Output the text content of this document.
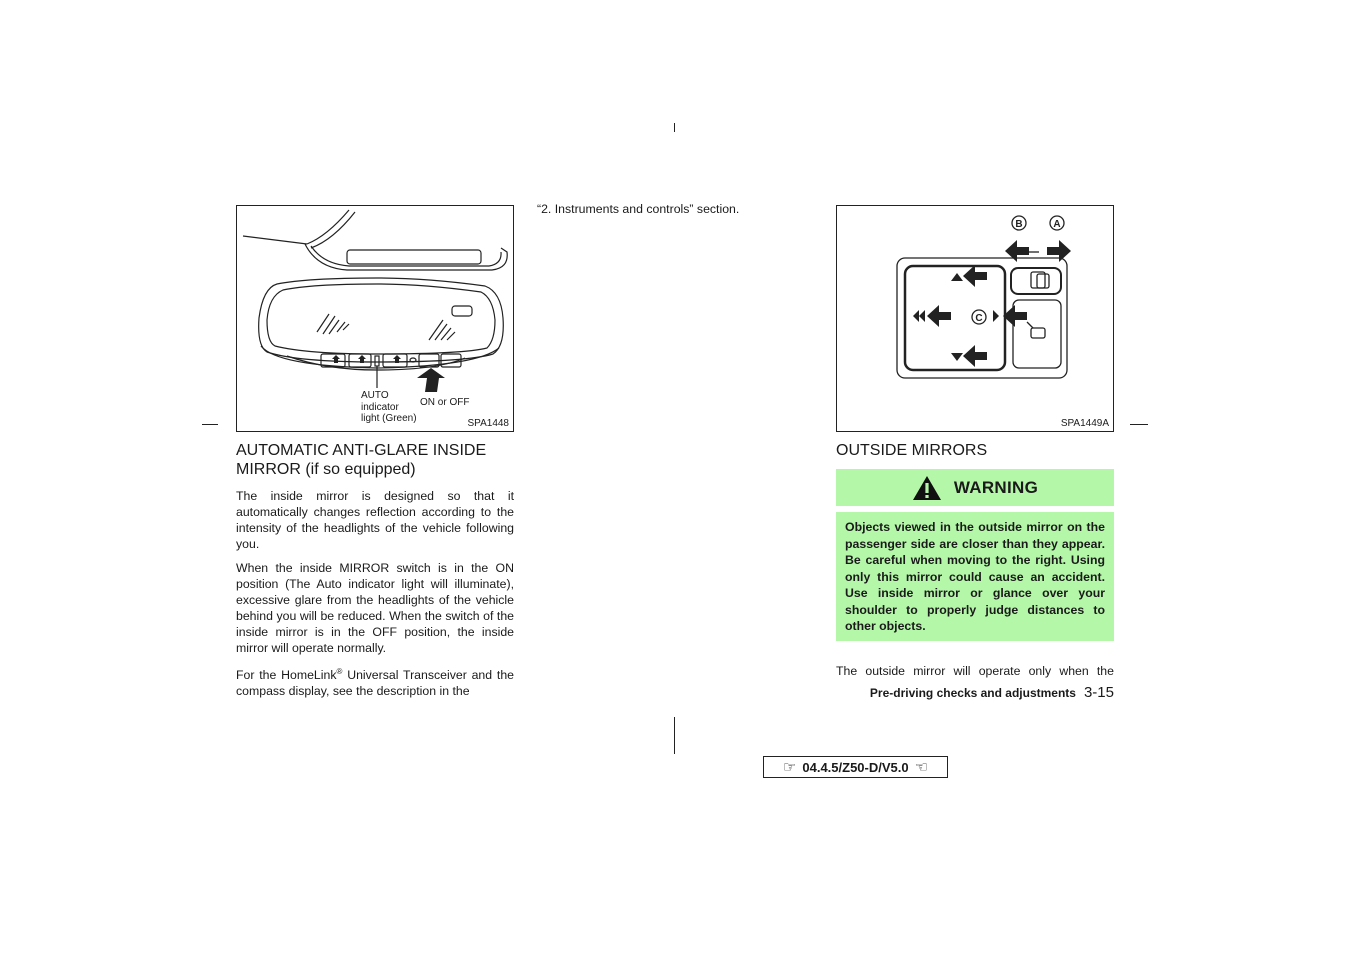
AUTO
indicator
light (Green)
ON or OFF
SPA1448
AUTOMATIC ANTI-GLARE INSIDE
MIRROR (if so equipped)

The inside mirror is designed so that it automatically changes reflection according to the intensity of the headlights of the vehicle following you.

When the inside MIRROR switch is in the ON position (The Auto indicator light will illuminate), excessive glare from the headlights of the vehicle behind you will be reduced. When the switch of the inside mirror is in the OFF position, the inside mirror will operate normally.

For the HomeLink® Universal Transceiver and the compass display, see the description in the

“2. Instruments and controls” section.
B	A
C
SPA1449A
OUTSIDE MIRRORS
WARNING
Objects viewed in the outside mirror on the passenger side are closer than they appear. Be careful when moving to the right. Using only this mirror could cause an accident. Use inside mirror or glance over your shoulder to properly judge distances to other objects.
The outside mirror will operate only when the
Pre-driving checks and adjustments 3-15
☞ 04.4.5/Z50-D/V5.0 ☜
